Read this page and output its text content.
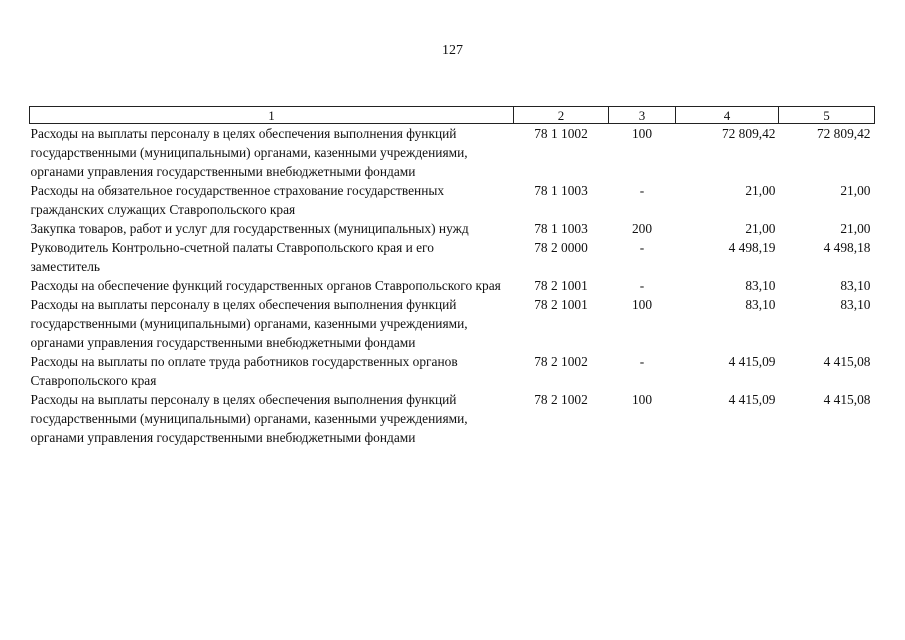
127
1	2	3	4	5
Расходы на выплаты персоналу в целях обеспечения выполнения функций государственными (муниципальными) органами, казенными учреждениями, органами управления государственными внебюджетными фондами	78 1 1002	100	72 809,42	72 809,42
Расходы на обязательное государственное страхование государственных гражданских служащих Ставропольского края	78 1 1003	-	21,00	21,00
Закупка товаров, работ и услуг для государственных (муниципальных) нужд	78 1 1003	200	21,00	21,00
Руководитель Контрольно-счетной палаты Ставропольского края и его заместитель	78 2 0000	-	4 498,19	4 498,18
Расходы на обеспечение функций государственных органов Ставропольского края	78 2 1001	-	83,10	83,10
Расходы на выплаты персоналу в целях обеспечения выполнения функций государственными (муниципальными) органами, казенными учреждениями, органами управления государственными внебюджетными фондами	78 2 1001	100	83,10	83,10
Расходы на выплаты по оплате труда работников государственных органов Ставропольского края	78 2 1002	-	4 415,09	4 415,08
Расходы на выплаты персоналу в целях обеспечения выполнения функций государственными (муниципальными) органами, казенными учреждениями, органами управления государственными внебюджетными фондами	78 2 1002	100	4 415,09	4 415,08
